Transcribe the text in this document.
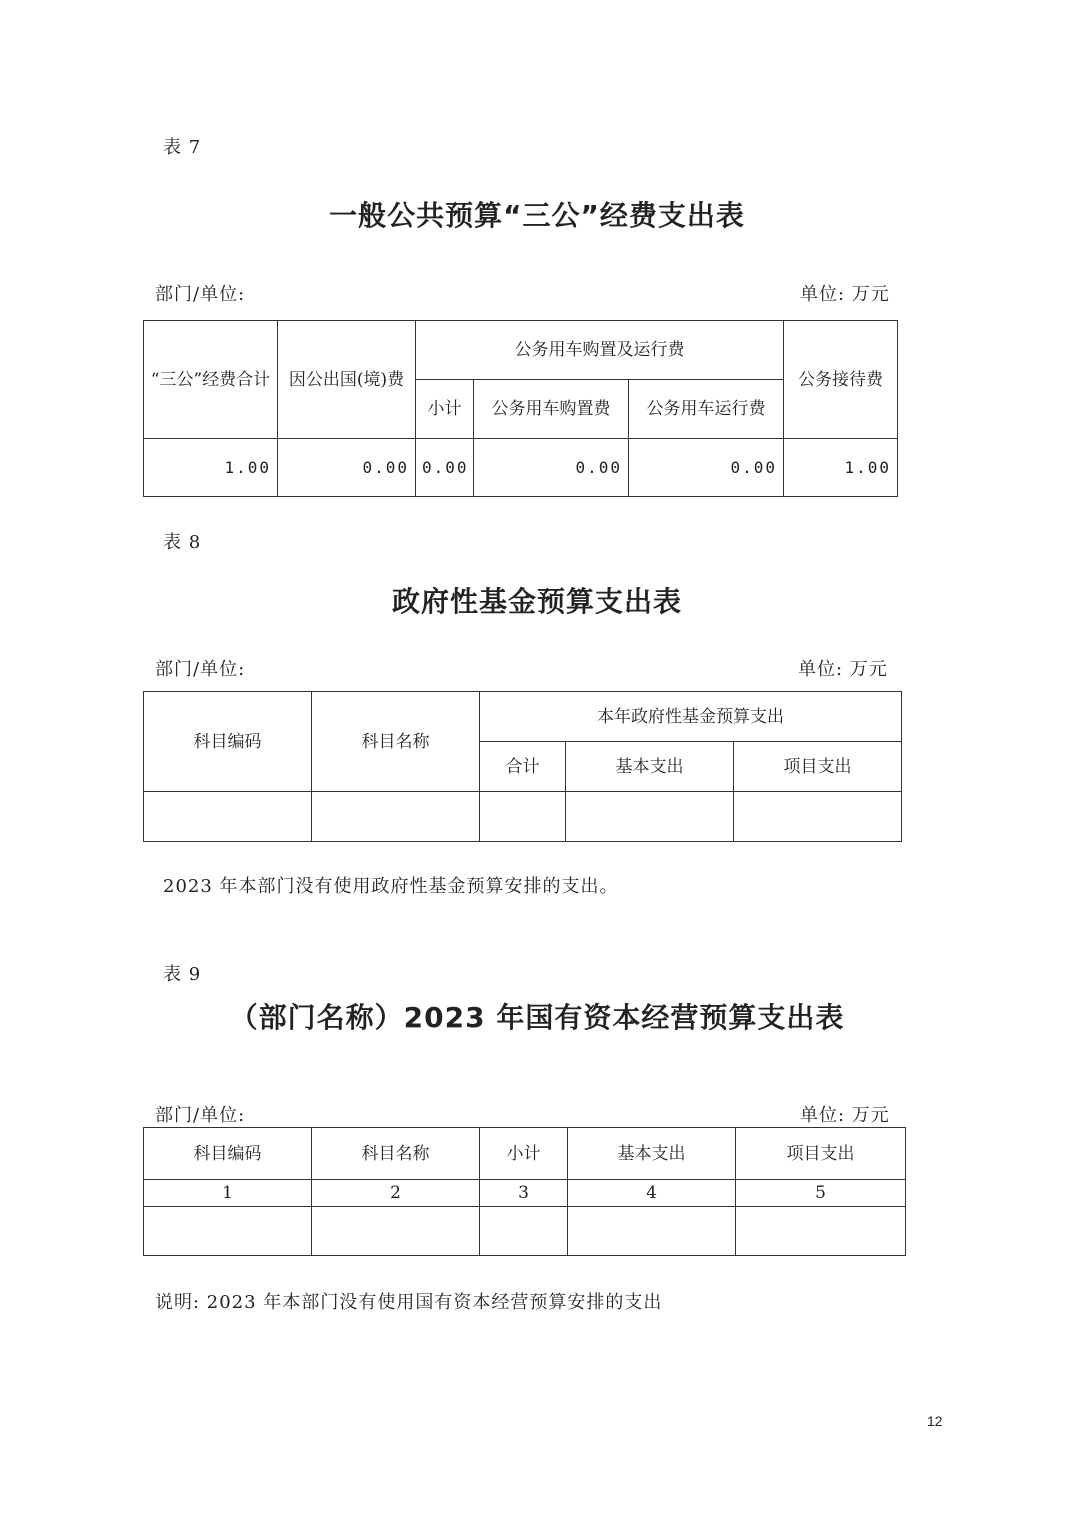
表 7
一般公共预算“三公”经费支出表
部门/单位:	单位: 万元
“三公”经费合计	因公出国(境)费	公务用车购置及运行费			公务接待费
		小计	公务用车购置费	公务用车运行费	
1.00	0.00	0.00	0.00	0.00	1.00
表 8
政府性基金预算支出表
部门/单位:	单位: 万元
科目编码	科目名称	本年政府性基金预算支出		
		合计	基本支出	项目支出

2023 年本部门没有使用政府性基金预算安排的支出。
表 9
（部门名称）2023 年国有资本经营预算支出表
部门/单位:	单位: 万元
科目编码	科目名称	小计	基本支出	项目支出
1	2	3	4	5

说明: 2023 年本部门没有使用国有资本经营预算安排的支出
12
